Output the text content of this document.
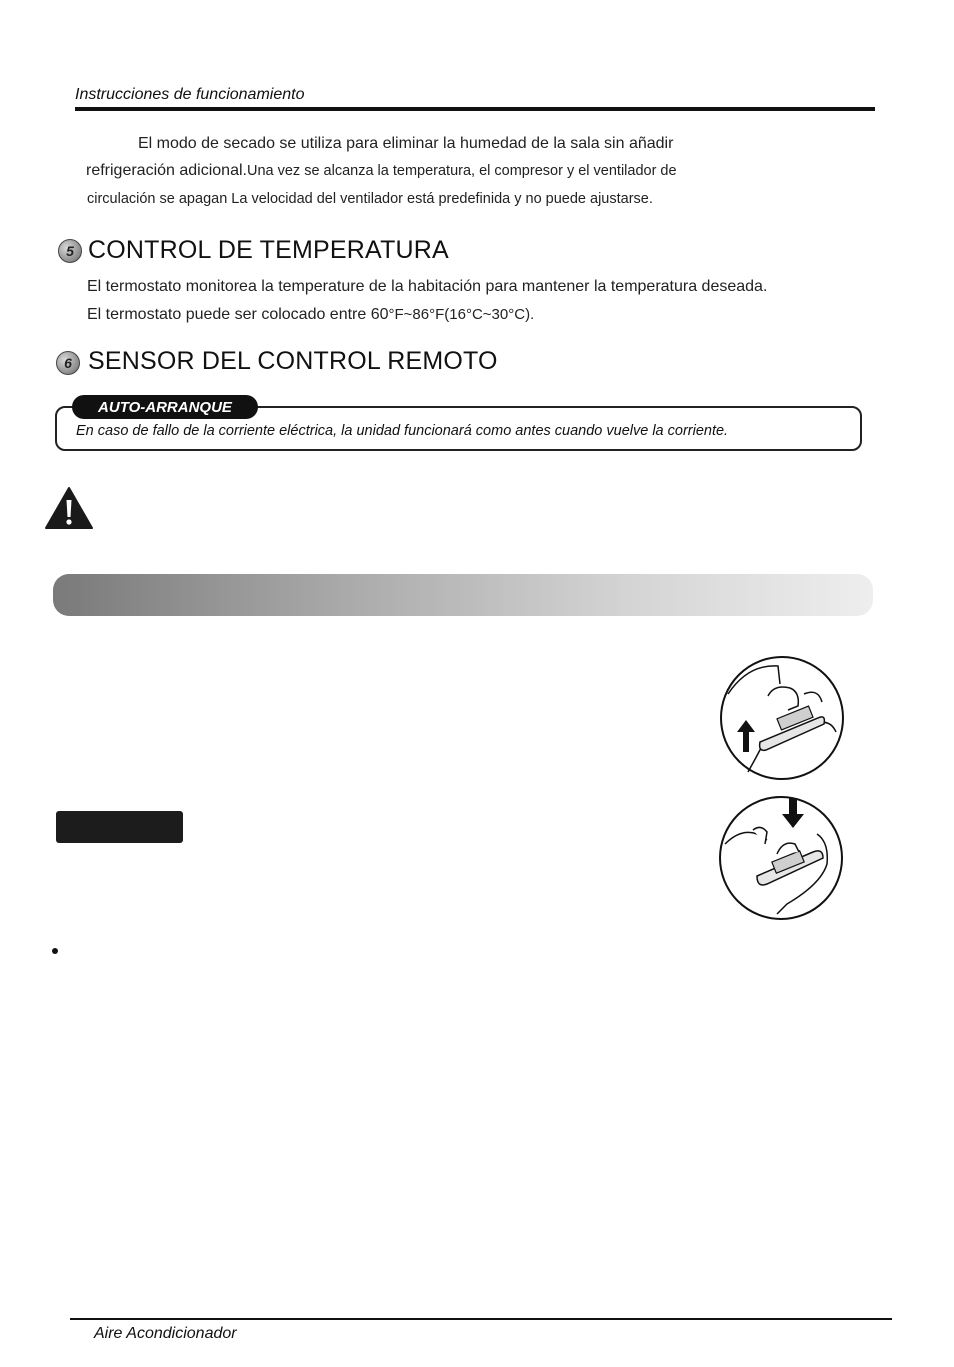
Instrucciones de funcionamiento
El modo de secado se utiliza para eliminar la humedad de la sala sin añadir
refrigeración adicional.Una vez se alcanza la temperatura, el compresor y el ventilador de
circulación se apagan La velocidad del ventilador está predefinida y no puede ajustarse.
5 CONTROL DE TEMPERATURA
El termostato monitorea la temperature de la habitación para mantener la temperatura deseada.
El termostato puede ser colocado entre 60°F~86°F(16°C~30°C).
6 SENSOR DEL CONTROL REMOTO
AUTO-ARRANQUE
En caso de fallo de la corriente eléctrica, la unidad funcionará como antes cuando vuelve la corriente.
Aire Acondicionador
